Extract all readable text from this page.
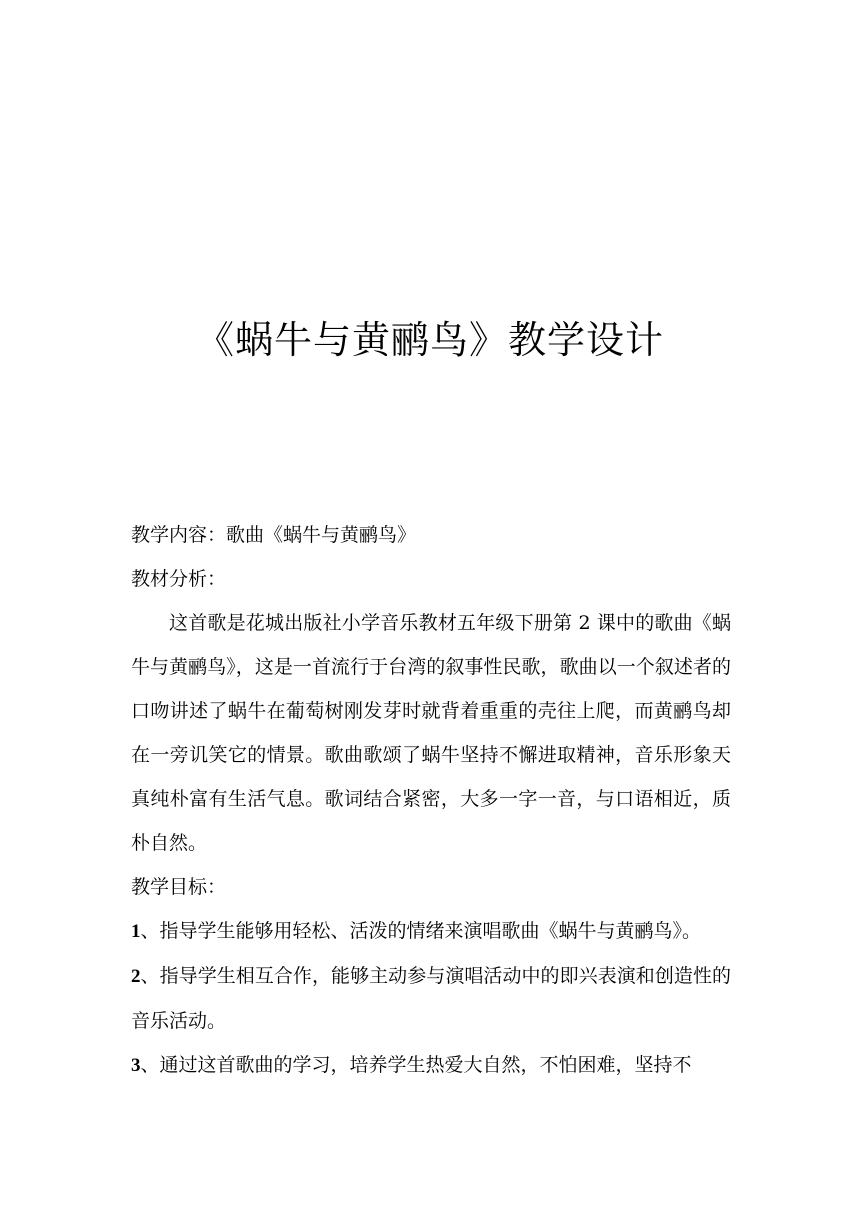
《蜗牛与黄鹂鸟》教学设计

教学内容：歌曲《蜗牛与黄鹂鸟》

教材分析：

这首歌是花城出版社小学音乐教材五年级下册第 2 课中的歌曲《蜗牛与黄鹂鸟》，这是一首流行于台湾的叙事性民歌，歌曲以一个叙述者的口吻讲述了蜗牛在葡萄树刚发芽时就背着重重的壳往上爬，而黄鹂鸟却在一旁讥笑它的情景。歌曲歌颂了蜗牛坚持不懈进取精神，音乐形象天真纯朴富有生活气息。歌词结合紧密，大多一字一音，与口语相近，质朴自然。

教学目标：

1、指导学生能够用轻松、活泼的情绪来演唱歌曲《蜗牛与黄鹂鸟》。

2、指导学生相互合作，能够主动参与演唱活动中的即兴表演和创造性的音乐活动。

3、通过这首歌曲的学习，培养学生热爱大自然，不怕困难，坚持不
